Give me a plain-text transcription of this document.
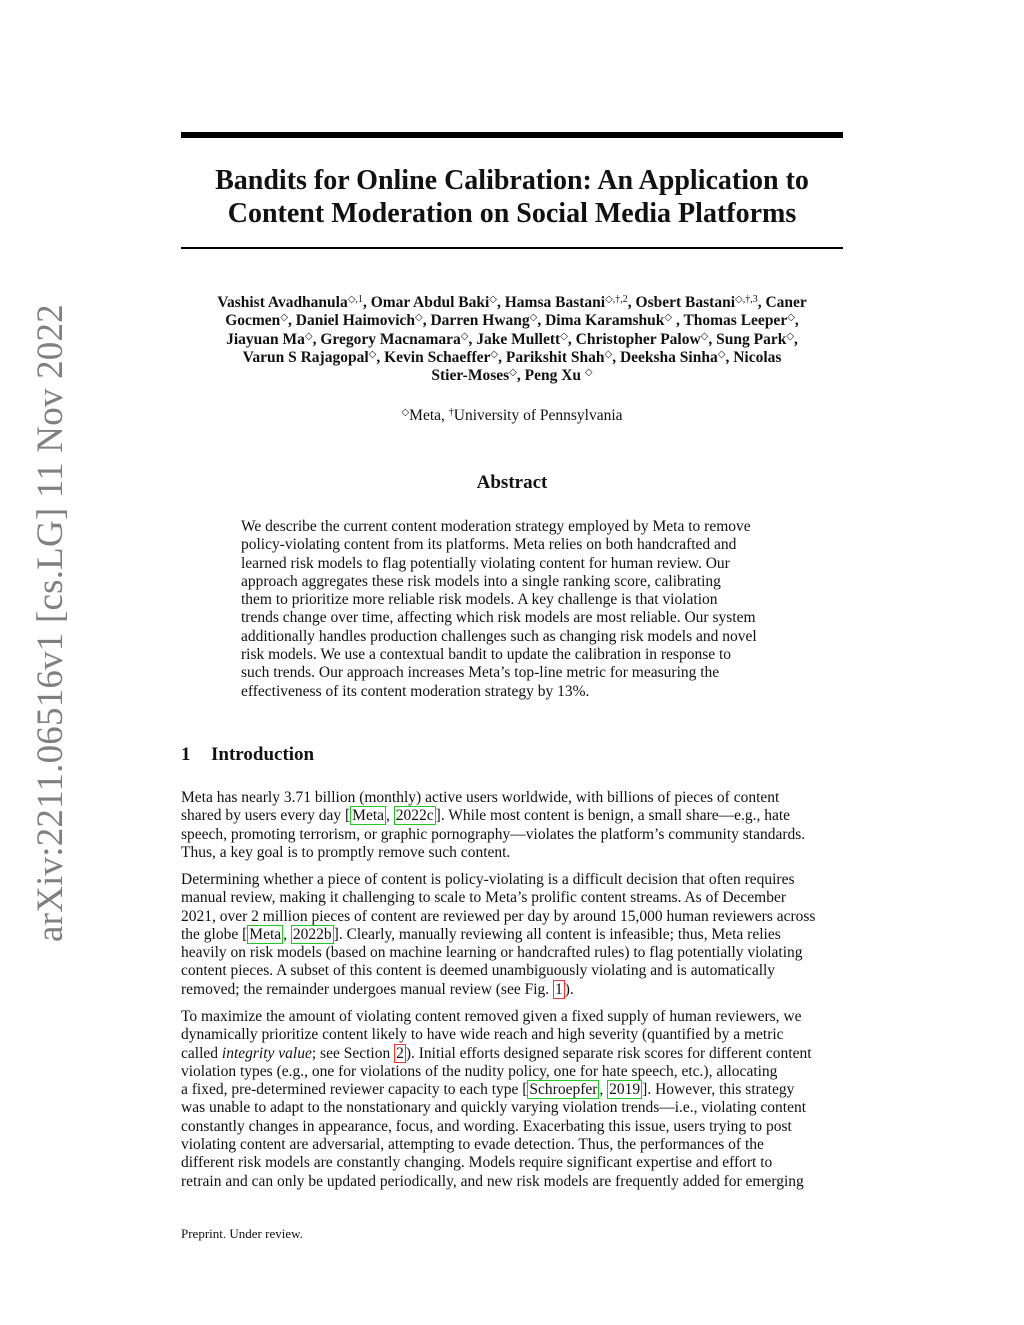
arXiv:2211.06516v1 [cs.LG] 11 Nov 2022
Bandits for Online Calibration: An Application to
Content Moderation on Social Media Platforms
Vashist Avadhanula$^{◇,1}$, Omar Abdul Baki◇, Hamsa Bastani$^{◇,\dagger,2}$, Osbert Bastani$^{◇,\dagger,3}$, Caner
Gocmen◇, Daniel Haimovich◇, Darren Hwang◇, Dima Karamshuk◇ , Thomas Leeper◇,
Jiayuan Ma◇, Gregory Macnamara◇, Jake Mullett◇, Christopher Palow◇, Sung Park◇,
Varun S Rajagopal◇, Kevin Schaeffer◇, Parikshit Shah◇, Deeksha Sinha◇, Nicolas
Stier-Moses◇, Peng Xu ◇
◇Meta, †University of Pennsylvania
Abstract
We describe the current content moderation strategy employed by Meta to remove
policy-violating content from its platforms. Meta relies on both handcrafted and
learned risk models to flag potentially violating content for human review. Our
approach aggregates these risk models into a single ranking score, calibrating
them to prioritize more reliable risk models. A key challenge is that violation
trends change over time, affecting which risk models are most reliable. Our system
additionally handles production challenges such as changing risk models and novel
risk models. We use a contextual bandit to update the calibration in response to
such trends. Our approach increases Meta’s top-line metric for measuring the
effectiveness of its content moderation strategy by 13%.
1 Introduction
Meta has nearly 3.71 billion (monthly) active users worldwide, with billions of pieces of content
shared by users every day [ Meta , 2022c ]. While most content is benign, a small share—e.g., hate
speech, promoting terrorism, or graphic pornography—violates the platform’s community standards.
Thus, a key goal is to promptly remove such content.
Determining whether a piece of content is policy-violating is a difficult decision that often requires
manual review, making it challenging to scale to Meta’s prolific content streams. As of December
2021, over 2 million pieces of content are reviewed per day by around 15,000 human reviewers across
the globe [ Meta , 2022b ]. Clearly, manually reviewing all content is infeasible; thus, Meta relies
heavily on risk models (based on machine learning or handcrafted rules) to flag potentially violating
content pieces. A subset of this content is deemed unambiguously violating and is automatically
removed; the remainder undergoes manual review (see Fig. 1 ).
To maximize the amount of violating content removed given a fixed supply of human reviewers, we
dynamically prioritize content likely to have wide reach and high severity (quantified by a metric
called integrity value; see Section 2 ). Initial efforts designed separate risk scores for different content
violation types (e.g., one for violations of the nudity policy, one for hate speech, etc.), allocating
a fixed, pre-determined reviewer capacity to each type [ Schroepfer , 2019 ]. However, this strategy
was unable to adapt to the nonstationary and quickly varying violation trends—i.e., violating content
constantly changes in appearance, focus, and wording. Exacerbating this issue, users trying to post
violating content are adversarial, attempting to evade detection. Thus, the performances of the
different risk models are constantly changing. Models require significant expertise and effort to
retrain and can only be updated periodically, and new risk models are frequently added for emerging
Preprint. Under review.
